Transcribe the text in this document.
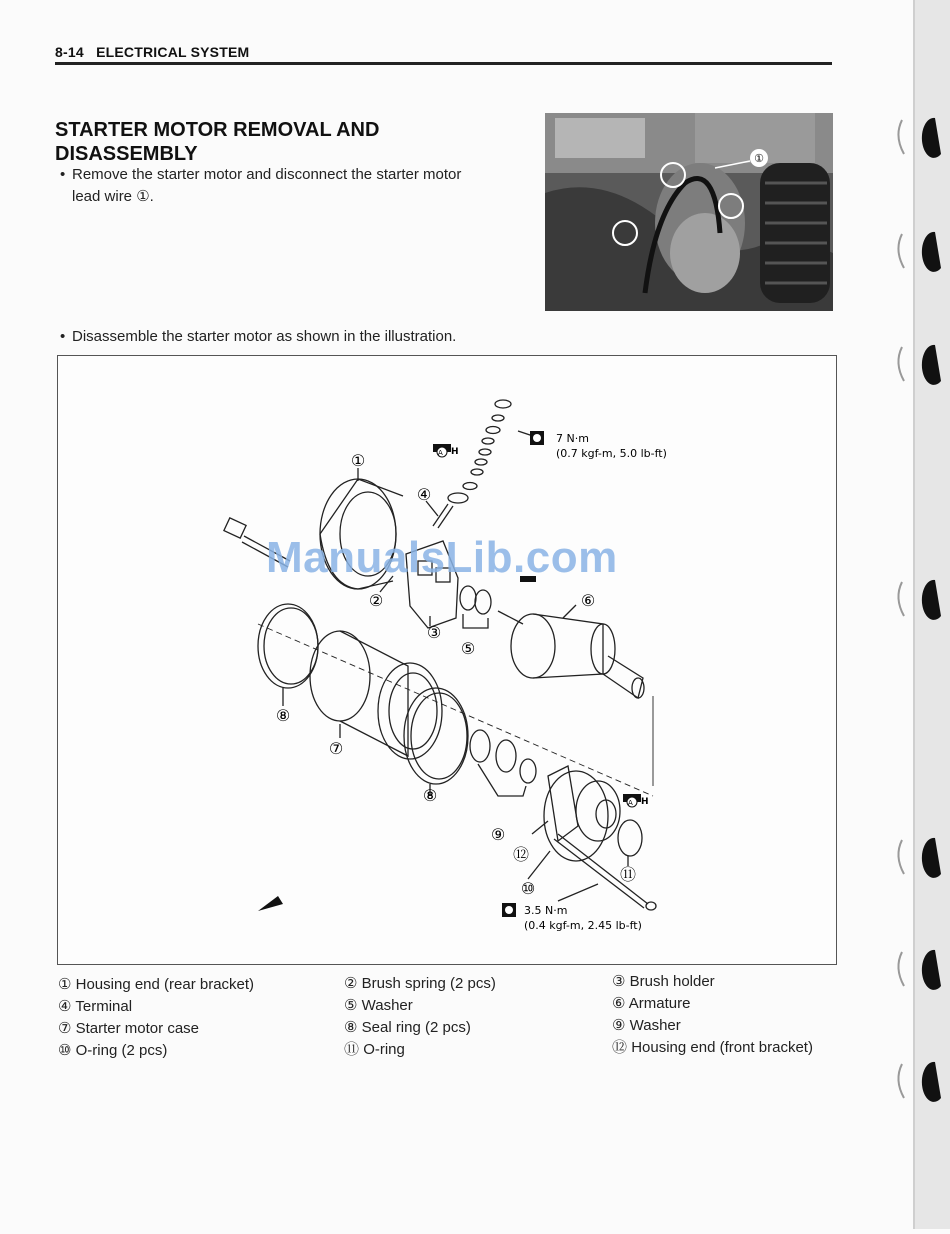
8-14 ELECTRICAL SYSTEM
STARTER MOTOR REMOVAL AND
DISASSEMBLY
• Remove the starter motor and disconnect the starter motor
lead wire ①.
①
• Disassemble the starter motor as shown in the illustration.
A H
A H
7 N·m
(0.7 kgf-m, 5.0 lb-ft)
3.5 N·m
(0.4 kgf-m, 2.45 lb-ft)
①
②
③
④
⑤
⑥
⑦
⑧
⑧
⑨
⑩
⑪
⑫
ManualsLib.com
① Housing end (rear bracket)	② Brush spring (2 pcs)	③ Brush holder
④ Terminal	⑤ Washer	⑥ Armature
⑦ Starter motor case	⑧ Seal ring (2 pcs)	⑨ Washer
⑩ O-ring (2 pcs)	⑪ O-ring	⑫ Housing end (front bracket)
